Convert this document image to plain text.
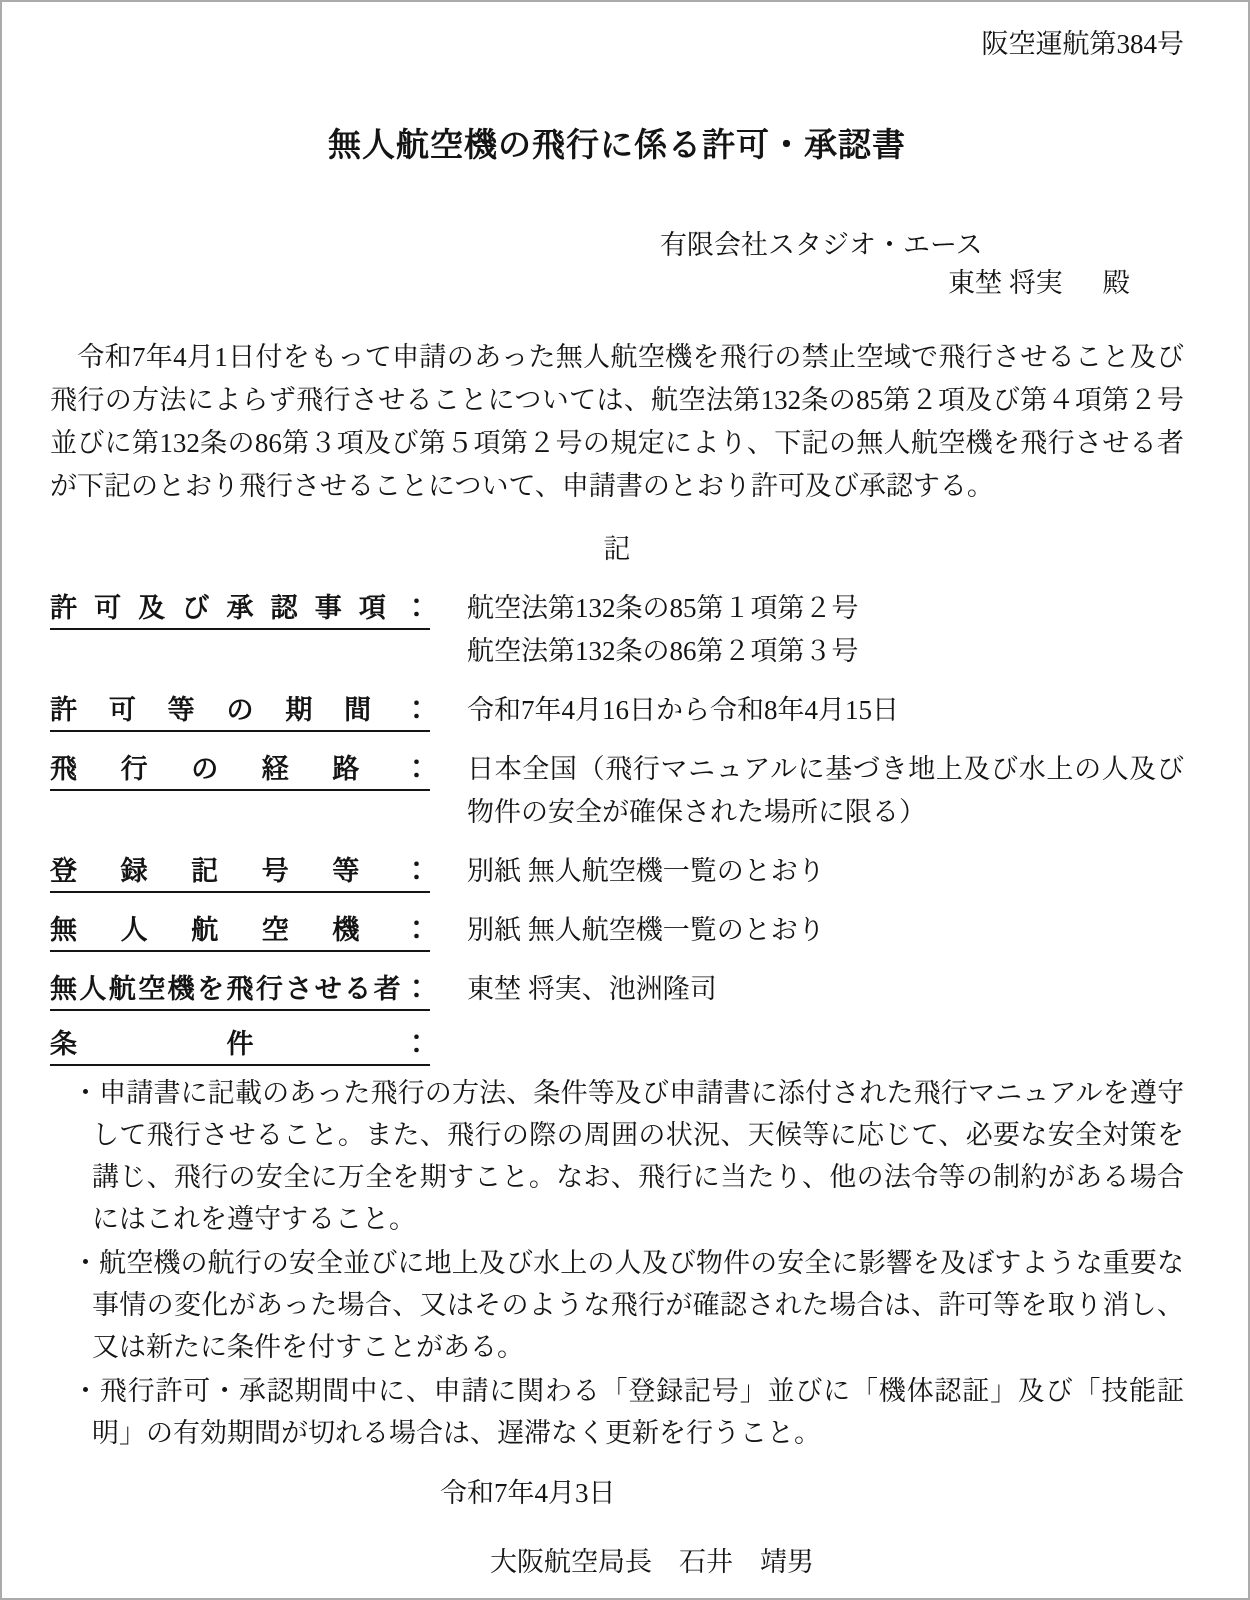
阪空運航第384号
無人航空機の飛行に係る許可・承認書
有限会社スタジオ・エース
東埜 将実 殿

　令和7年4月1日付をもって申請のあった無人航空機を飛行の禁止空域で飛行させること及び飛行の方法によらず飛行させることについては、航空法第132条の85第２項及び第４項第２号並びに第132条の86第３項及び第５項第２号の規定により、下記の無人航空機を飛行させる者が下記のとおり飛行させることについて、申請書のとおり許可及び承認する。

記
許可及び承認事項： 航空法第132条の85第１項第２号
航空法第132条の86第２項第３号
許可等の期間： 令和7年4月16日から令和8年4月15日
飛行の経路： 日本全国（飛行マニュアルに基づき地上及び水上の人及び物件の安全が確保された場所に限る）
登録記号等： 別紙 無人航空機一覧のとおり
無人航空機： 別紙 無人航空機一覧のとおり
無人航空機を飛行させる者： 東埜 将実、池洲隆司
条件：
・申請書に記載のあった飛行の方法、条件等及び申請書に添付された飛行マニュアルを遵守して飛行させること。また、飛行の際の周囲の状況、天候等に応じて、必要な安全対策を講じ、飛行の安全に万全を期すこと。なお、飛行に当たり、他の法令等の制約がある場合にはこれを遵守すること。
・航空機の航行の安全並びに地上及び水上の人及び物件の安全に影響を及ぼすような重要な事情の変化があった場合、又はそのような飛行が確認された場合は、許可等を取り消し、又は新たに条件を付すことがある。
・飛行許可・承認期間中に、申請に関わる「登録記号」並びに「機体認証」及び「技能証明」の有効期間が切れる場合は、遅滞なく更新を行うこと。
令和7年4月3日
大阪航空局長　石井　靖男
